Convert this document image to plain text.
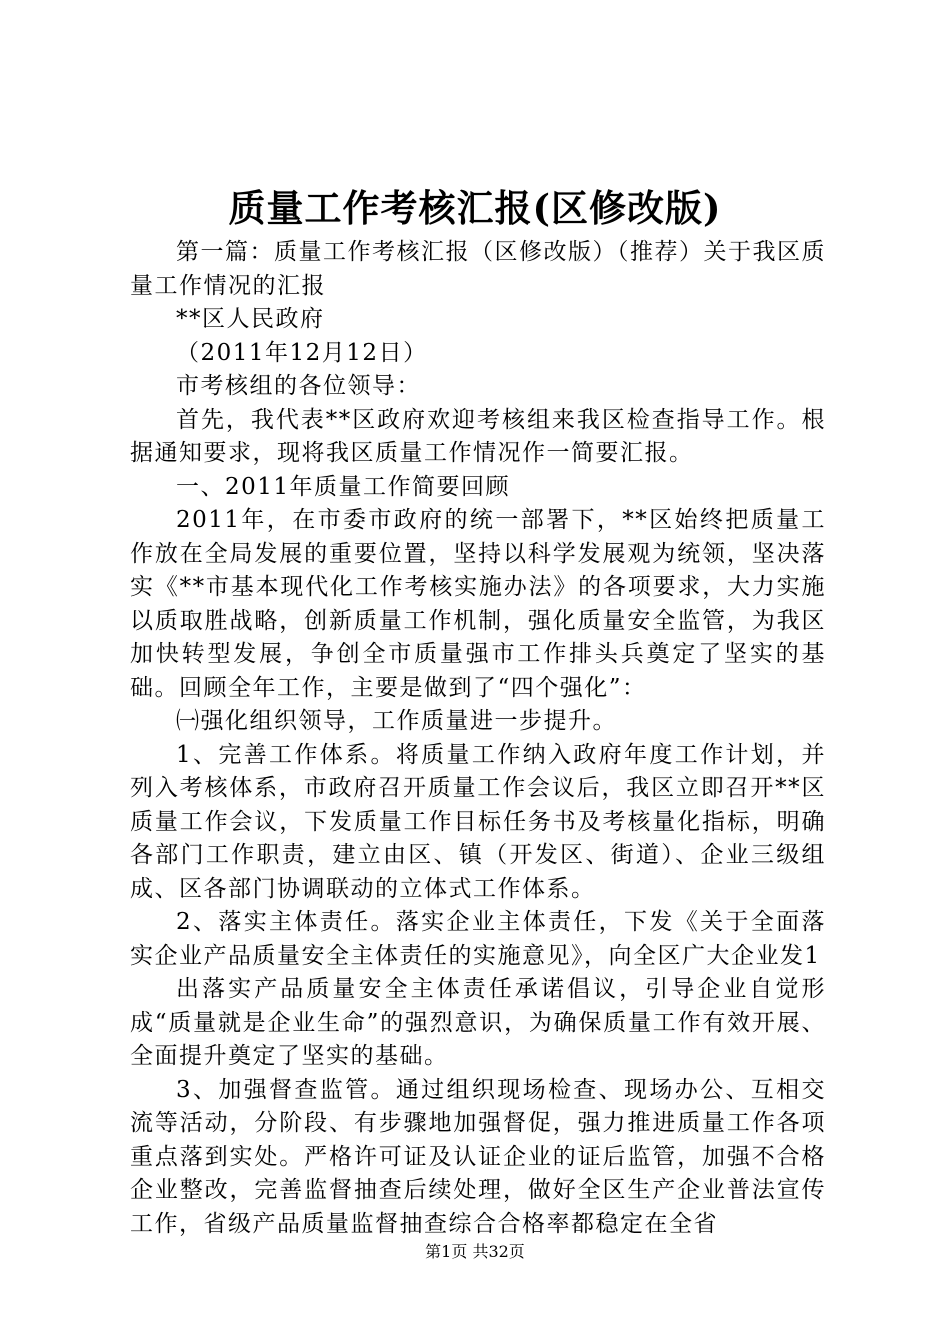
质量工作考核汇报(区修改版)

第一篇：质量工作考核汇报（区修改版）（推荐）关于我区质量工作情况的汇报

**区人民政府

（2011年12月12日）

市考核组的各位领导：

首先，我代表**区政府欢迎考核组来我区检查指导工作。根据通知要求，现将我区质量工作情况作一简要汇报。

一、2011年质量工作简要回顾

2011年，在市委市政府的统一部署下，**区始终把质量工作放在全局发展的重要位置，坚持以科学发展观为统领，坚决落实《**市基本现代化工作考核实施办法》的各项要求，大力实施以质取胜战略，创新质量工作机制，强化质量安全监管，为我区加快转型发展，争创全市质量强市工作排头兵奠定了坚实的基础。回顾全年工作，主要是做到了“四个强化”：

㈠强化组织领导，工作质量进一步提升。

1、完善工作体系。将质量工作纳入政府年度工作计划，并列入考核体系，市政府召开质量工作会议后，我区立即召开**区质量工作会议，下发质量工作目标任务书及考核量化指标，明确各部门工作职责，建立由区、镇（开发区、街道）、企业三级组成、区各部门协调联动的立体式工作体系。

2、落实主体责任。落实企业主体责任，下发《关于全面落实企业产品质量安全主体责任的实施意见》，向全区广大企业发1

出落实产品质量安全主体责任承诺倡议，引导企业自觉形成“质量就是企业生命”的强烈意识，为确保质量工作有效开展、全面提升奠定了坚实的基础。

3、加强督查监管。通过组织现场检查、现场办公、互相交流等活动，分阶段、有步骤地加强督促，强力推进质量工作各项重点落到实处。严格许可证及认证企业的证后监管，加强不合格企业整改，完善监督抽查后续处理，做好全区生产企业普法宣传工作，省级产品质量监督抽查综合合格率都稳定在全省

第1页 共32页
